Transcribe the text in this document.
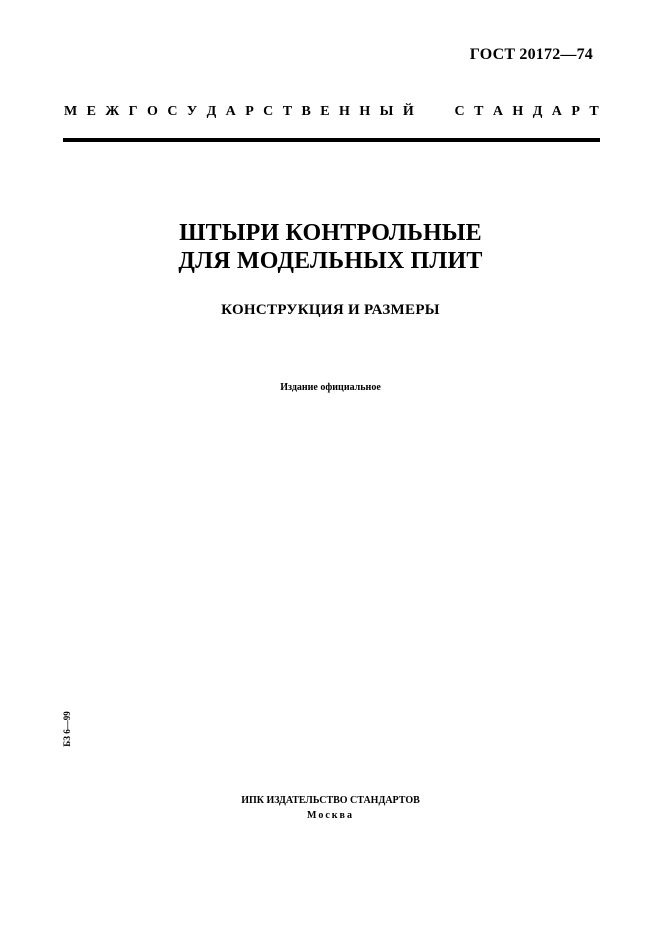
ГОСТ 20172—74
М Е Ж Г О С У Д А Р С Т В Е Н Н Ы Й	С Т А Н Д А Р Т

ШТЫРИ КОНТРОЛЬНЫЕ

ДЛЯ МОДЕЛЬНЫХ ПЛИТ

КОНСТРУКЦИЯ И РАЗМЕРЫ
Издание официальное
БЗ 6—99
ИПК ИЗДАТЕЛЬСТВО СТАНДАРТОВ
Москва
